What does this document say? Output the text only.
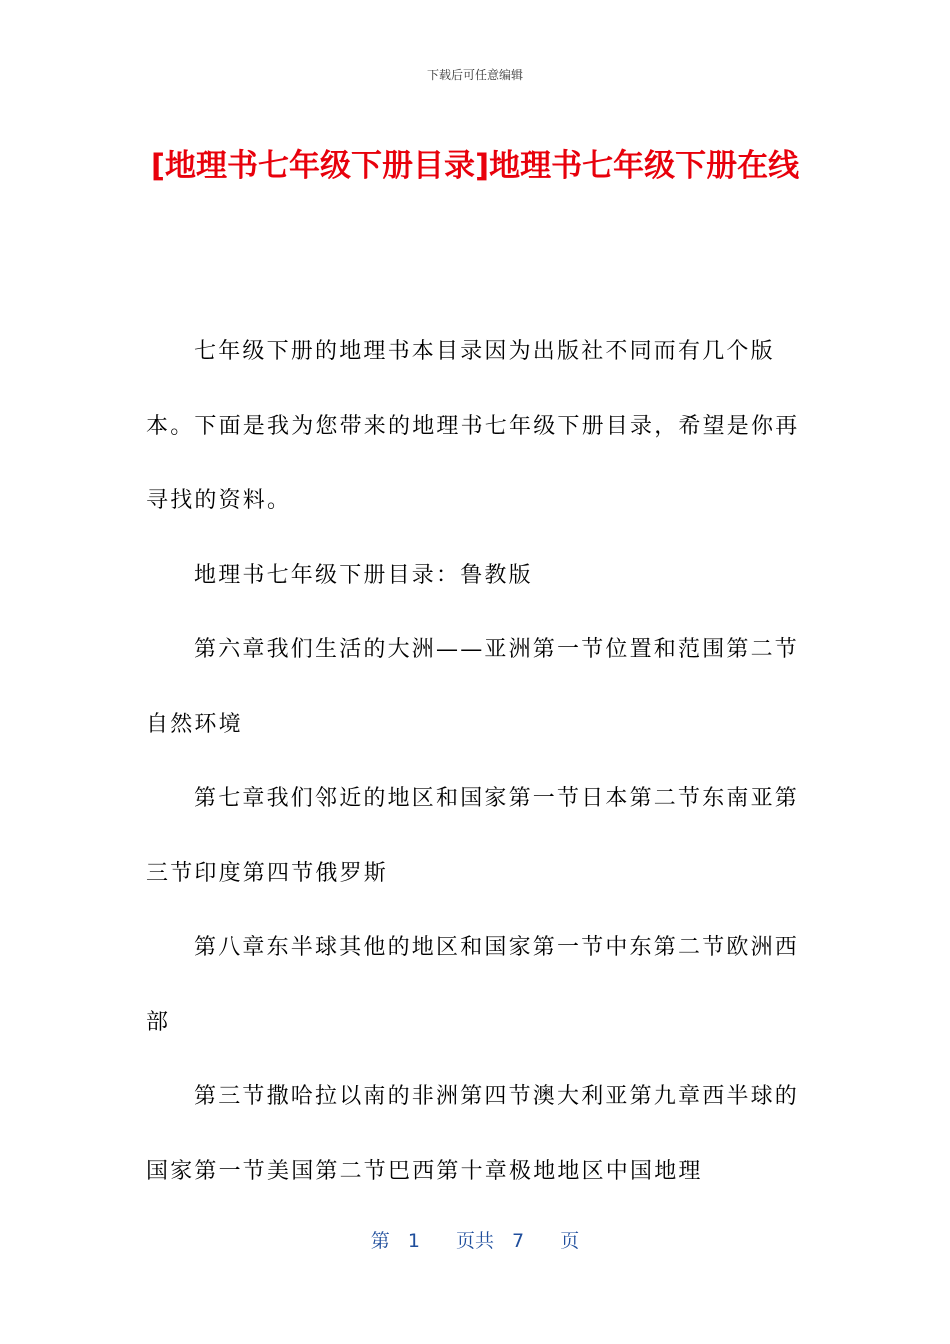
下载后可任意编辑
[地理书七年级下册目录]地理书七年级下册在线

七年级下册的地理书本目录因为出版社不同而有几个版本。下面是我为您带来的地理书七年级下册目录，希望是你再寻找的资料。

地理书七年级下册目录：鲁教版

第六章我们生活的大洲——亚洲第一节位置和范围第二节自然环境

第七章我们邻近的地区和国家第一节日本第二节东南亚第三节印度第四节俄罗斯

第八章东半球其他的地区和国家第一节中东第二节欧洲西部

第三节撒哈拉以南的非洲第四节澳大利亚第九章西半球的国家第一节美国第二节巴西第十章极地地区中国地理

第 1 页共 7 页
